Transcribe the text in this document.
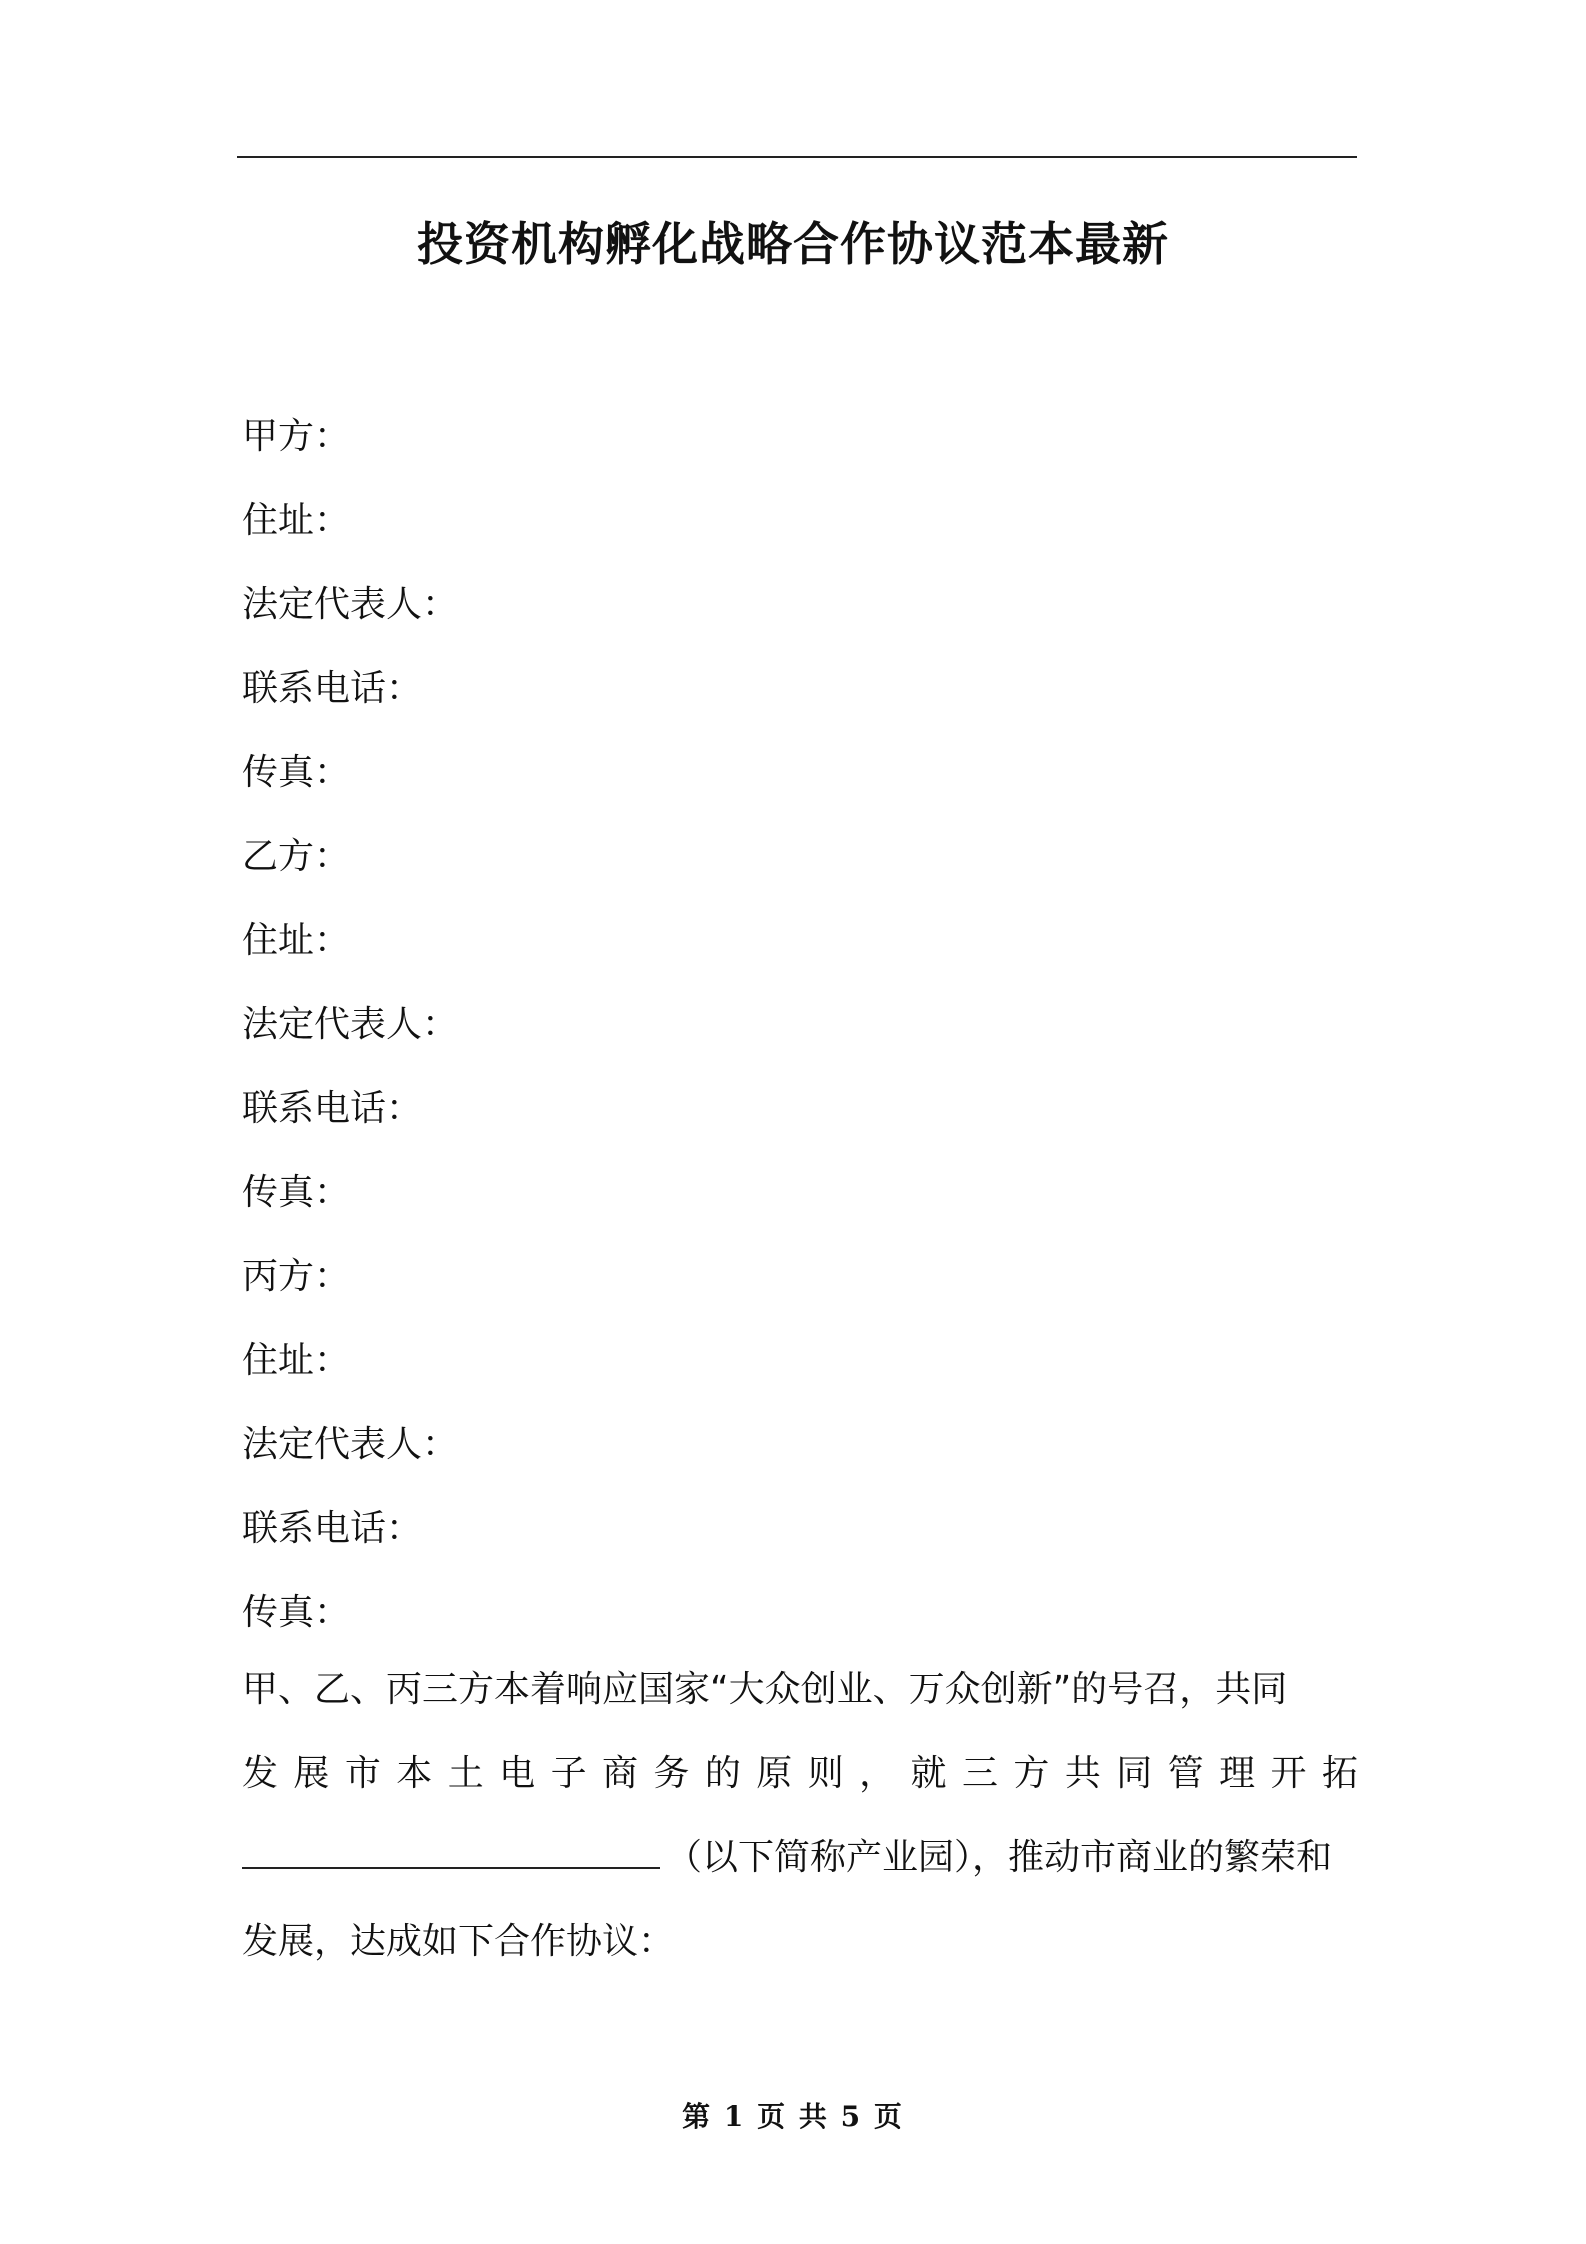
投资机构孵化战略合作协议范本最新
甲方：
住址：
法定代表人：
联系电话：
传真：
乙方：
住址：
法定代表人：
联系电话：
传真：
丙方：
住址：
法定代表人：
联系电话：
传真：
甲、乙、丙三方本着响应国家“大众创业、万众创新”的号召，共同
发展市本土电子商务的原则，就三方共同管理开拓
（以下简称产业园），推动市商业的繁荣和
发展，达成如下合作协议：
第 1 页 共 5 页
